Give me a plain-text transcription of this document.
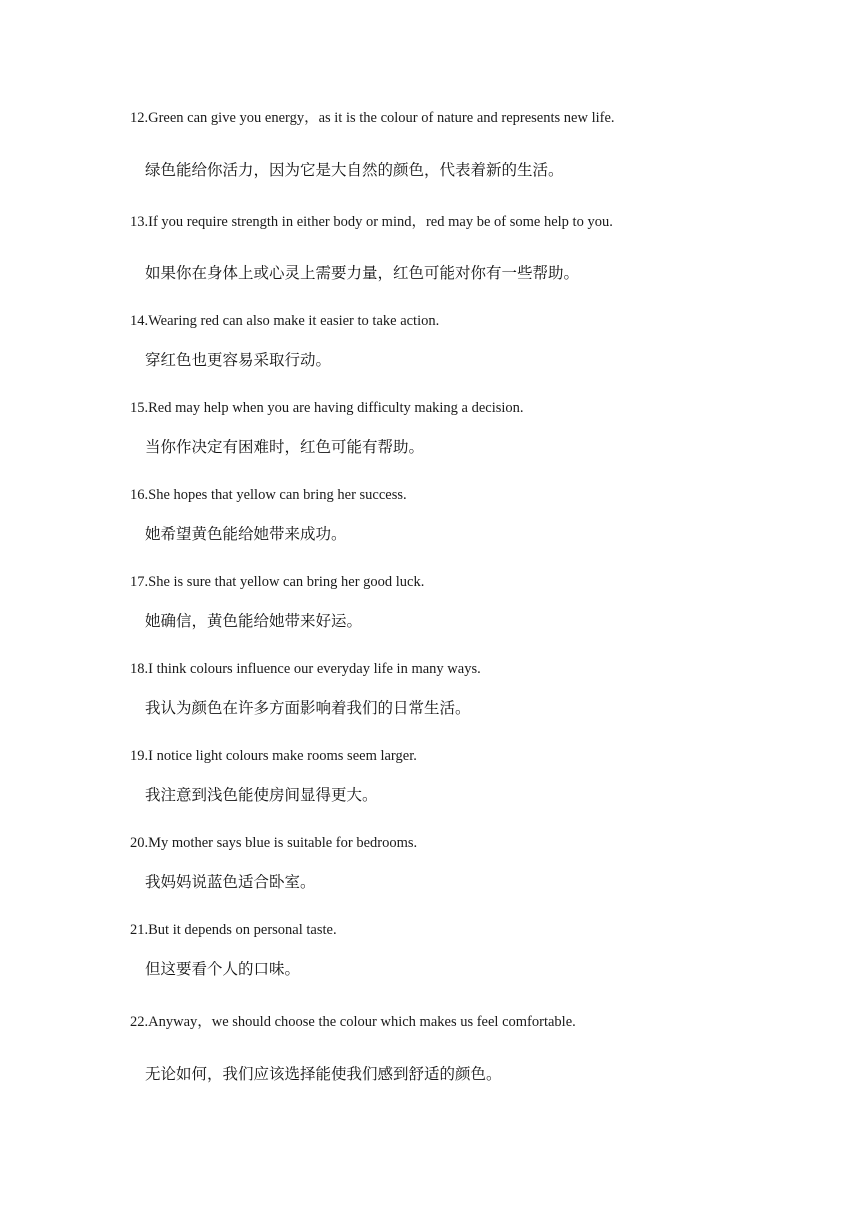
12.Green can give you energy，as it is the colour of nature and represents new life.
绿色能给你活力，因为它是大自然的颜色，代表着新的生活。
13.If you require strength in either body or mind，red may be of some help to you.
如果你在身体上或心灵上需要力量，红色可能对你有一些帮助。
14.Wearing red can also make it easier to take action.
穿红色也更容易采取行动。
15.Red may help when you are having difficulty making a decision.
当你作决定有困难时，红色可能有帮助。
16.She hopes that yellow can bring her success.
她希望黄色能给她带来成功。
17.She is sure that yellow can bring her good luck.
她确信，黄色能给她带来好运。
18.I think colours influence our everyday life in many ways.
我认为颜色在许多方面影响着我们的日常生活。
19.I notice light colours make rooms seem larger.
我注意到浅色能使房间显得更大。
20.My mother says blue is suitable for bedrooms.
我妈妈说蓝色适合卧室。
21.But it depends on personal taste.
但这要看个人的口味。
22.Anyway，we should choose the colour which makes us feel comfortable.
无论如何，我们应该选择能使我们感到舒适的颜色。
